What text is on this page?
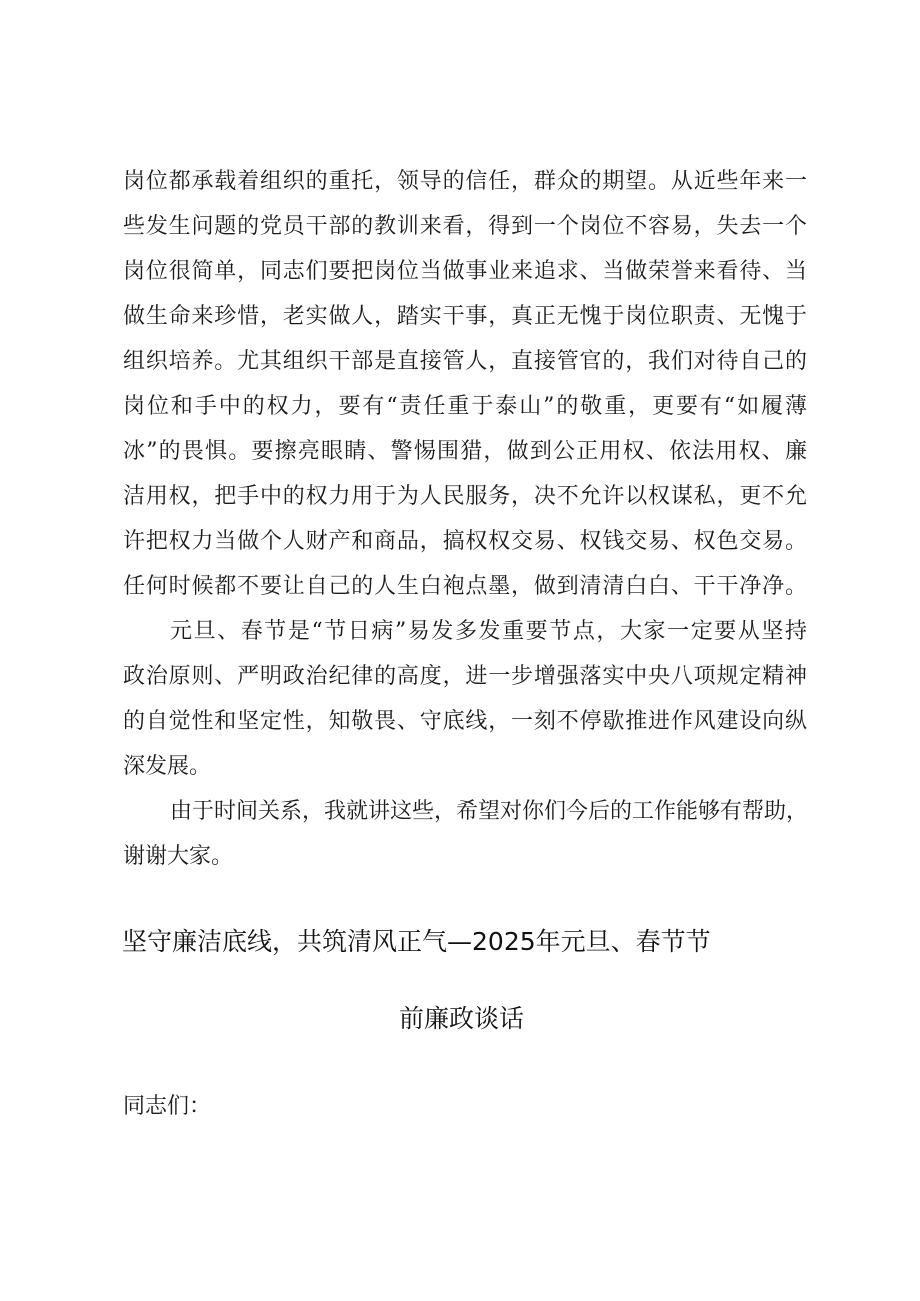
岗位都承载着组织的重托，领导的信任，群众的期望。从近些年来一
些发生问题的党员干部的教训来看，得到一个岗位不容易，失去一个
岗位很简单，同志们要把岗位当做事业来追求、当做荣誉来看待、当
做生命来珍惜，老实做人，踏实干事，真正无愧于岗位职责、无愧于
组织培养。尤其组织干部是直接管人，直接管官的，我们对待自己的
岗位和手中的权力，要有“责任重于泰山”的敬重，更要有“如履薄
冰”的畏惧。要擦亮眼睛、警惕围猎，做到公正用权、依法用权、廉
洁用权，把手中的权力用于为人民服务，决不允许以权谋私，更不允
许把权力当做个人财产和商品，搞权权交易、权钱交易、权色交易。
任何时候都不要让自己的人生白袍点墨，做到清清白白、干干净净。
元旦、春节是“节日病”易发多发重要节点，大家一定要从坚持
政治原则、严明政治纪律的高度，进一步增强落实中央八项规定精神
的自觉性和坚定性，知敬畏、守底线，一刻不停歇推进作风建设向纵
深发展。
由于时间关系，我就讲这些，希望对你们今后的工作能够有帮助，
谢谢大家。
坚守廉洁底线，共筑清风正气—2025年元旦、春节节
前廉政谈话
同志们：
